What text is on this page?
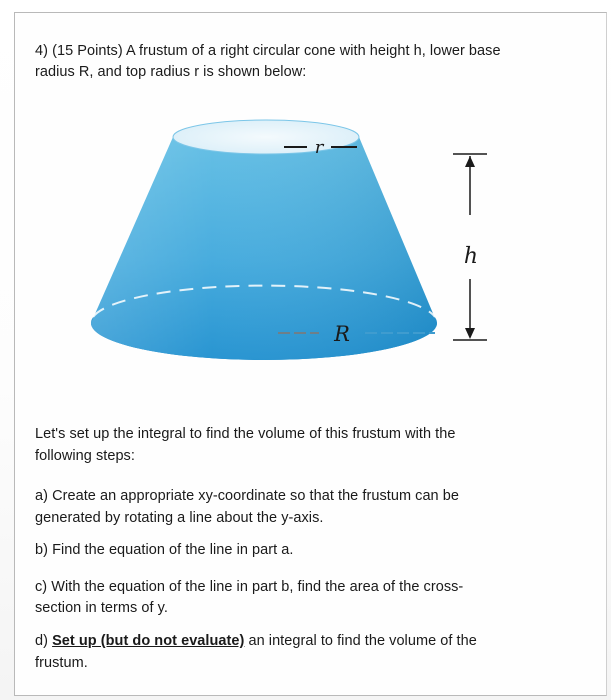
4) (15 Points) A frustum of a right circular cone with height h, lower base
radius R, and top radius r is shown below:
r
R
h
Let's set up the integral to find the volume of this frustum with the
following steps:
a) Create an appropriate xy-coordinate so that the frustum can be
generated by rotating a line about the y-axis.
b) Find the equation of the line in part a.
c) With the equation of the line in part b, find the area of the cross-
section in terms of y.
d) Set up (but do not evaluate) an integral to find the volume of the
frustum.
